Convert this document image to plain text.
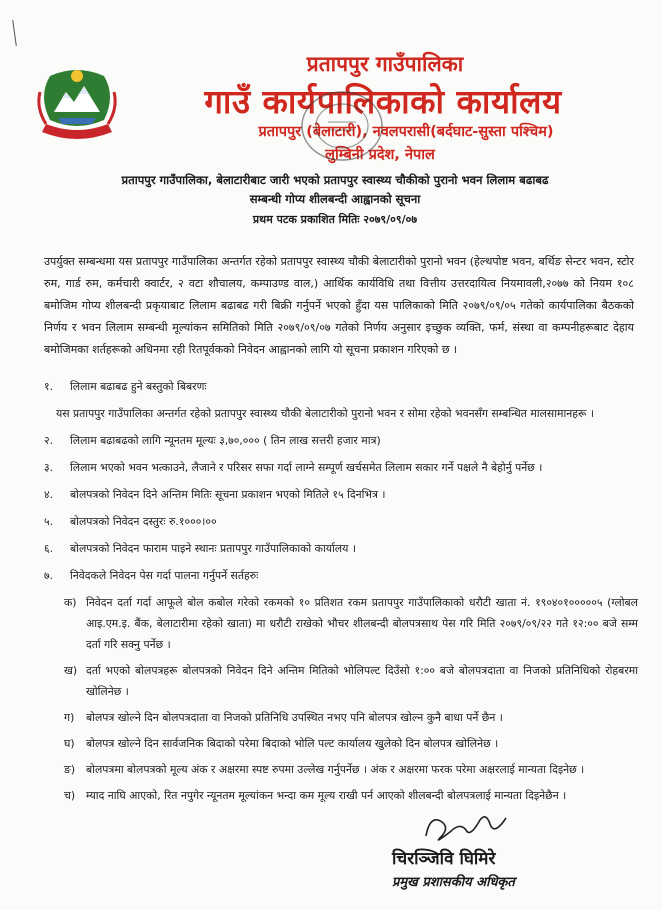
प्रतापपुर गाउँपालिका
गाउँ कार्यपालिकाको कार्यालय
प्रतापपुर (बेलाटारी), नवलपरासी(बर्दघाट-सुस्ता पश्चिम)
लुम्बिनी प्रदेश, नेपाल
प्रतापपुर गाउँपालिका, बेलाटारीबाट जारी भएको प्रतापपुर स्वास्थ्य चौकीको पुरानो भवन लिलाम बढाबढ
सम्बन्धी गोप्य शीलबन्दी आह्वानको सूचना
प्रथम पटक प्रकाशित मितिः २०७९/०९/०७

उपर्युक्त सम्बन्धमा यस प्रतापपुर गाउँपालिका अन्तर्गत रहेको प्रतापपुर स्वास्थ्य चौकी बेलाटारीको पुरानो भवन (हेल्थपोष्ट भवन, बर्थिङ सेन्टर भवन, स्टोर रुम, गार्ड रुम, कर्मचारी क्वार्टर, २ वटा शौचालय, कम्पाउण्ड वाल,) आर्थिक कार्यविधि तथा वित्तीय उत्तरदायित्व नियमावली,२०७७ को नियम १०८ बमोजिम गोप्य शीलबन्दी प्रकृयाबाट लिलाम बढाबढ गरी बिक्री गर्नुपर्ने भएको हुँदा यस पालिकाको मिति २०७९/०९/०५ गतेको कार्यपालिका बैठकको निर्णय र भवन लिलाम सम्बन्धी मूल्यांकन समितिको मिति २०७९/०९/०७ गतेको निर्णय अनुसार इच्छुक व्यक्ति, फर्म, संस्था वा कम्पनीहरूबाट देहाय बमोजिमका शर्तहरूको अधिनमा रही रितपूर्वकको निवेदन आह्वानको लागि यो सूचना प्रकाशन गरिएको छ ।

१.	लिलाम बढाबढ हुने बस्तुको बिबरणः
यस प्रतापपुर गाउँपालिका अन्तर्गत रहेको प्रतापपुर स्वास्थ्य चौकी बेलाटारीको पुरानो भवन र सोमा रहेको भवनसँग सम्बन्धित मालसामानहरू ।
२.	लिलाम बढाबढको लागि न्यूनतम मूल्यः ३,७०,००० ( तिन लाख सत्तरी हजार मात्र)
३.	लिलाम भएको भवन भत्काउने, लैजाने र परिसर सफा गर्दा लाग्ने सम्पूर्ण खर्चसमेत लिलाम सकार गर्ने पक्षले नै बेहोर्नु पर्नेछ ।
४.	बोलपत्रको निवेदन दिने अन्तिम मितिः सूचना प्रकाशन भएको मितिले १५ दिनभित्र ।
५.	बोलपत्रको निवेदन दस्तुरः रु.१०००।००
६.	बोलपत्रको निवेदन फाराम पाइने स्थानः प्रतापपुर गाउँपालिकाको कार्यालय ।
७.	निवेदकले निवेदन पेस गर्दा पालना गर्नुपर्ने सर्तहरुः
क) निवेदन दर्ता गर्दा आफूले बोल कबोल गरेको रकमको १० प्रतिशत रकम प्रतापपुर गाउँपालिकाको धरौटी खाता नं. १९०४०१०००००५ (ग्लोबल आइ.एम.इ. बैंक, बेलाटारीमा रहेको खाता) मा धरौटी राखेको भौचर शीलबन्दी बोलपत्रसाथ पेस गरि मिति २०७९/०९/२२ गते १२:०० बजे सम्म दर्ता गरि सक्नु पर्नेछ ।
ख) दर्ता भएको बोलपत्रहरू बोलपत्रको निवेदन दिने अन्तिम मितिको भोलिपल्ट दिउँसो १:०० बजे बोलपत्रदाता वा निजको प्रतिनिधिको रोहबरमा खोलिनेछ ।
ग)	बोलपत्र खोल्ने दिन बोलपत्रदाता वा निजको प्रतिनिधि उपस्थित नभए पनि बोलपत्र खोल्न कुनै बाधा पर्ने छैन ।
घ)	बोलपत्र खोल्ने दिन सार्वजनिक बिदाको परेमा बिदाको भोलि पल्ट कार्यालय खुलेको दिन बोलपत्र खोलिनेछ ।
ङ)	बोलपत्रमा बोलपत्रको मूल्य अंक र अक्षरमा स्पष्ट रुपमा उल्लेख गर्नुपर्नेछ । अंक र अक्षरमा फरक परेमा अक्षरलाई मान्यता दिइनेछ ।
च)	म्याद नाघि आएको, रित नपुगेर न्यूनतम मूल्यांकन भन्दा कम मूल्य राखी पर्न आएको शीलबन्दी बोलपत्रलाई मान्यता दिइनेछैन ।
चिरञ्जिवि घिमिरे
प्रमुख प्रशासकीय अधिकृत
